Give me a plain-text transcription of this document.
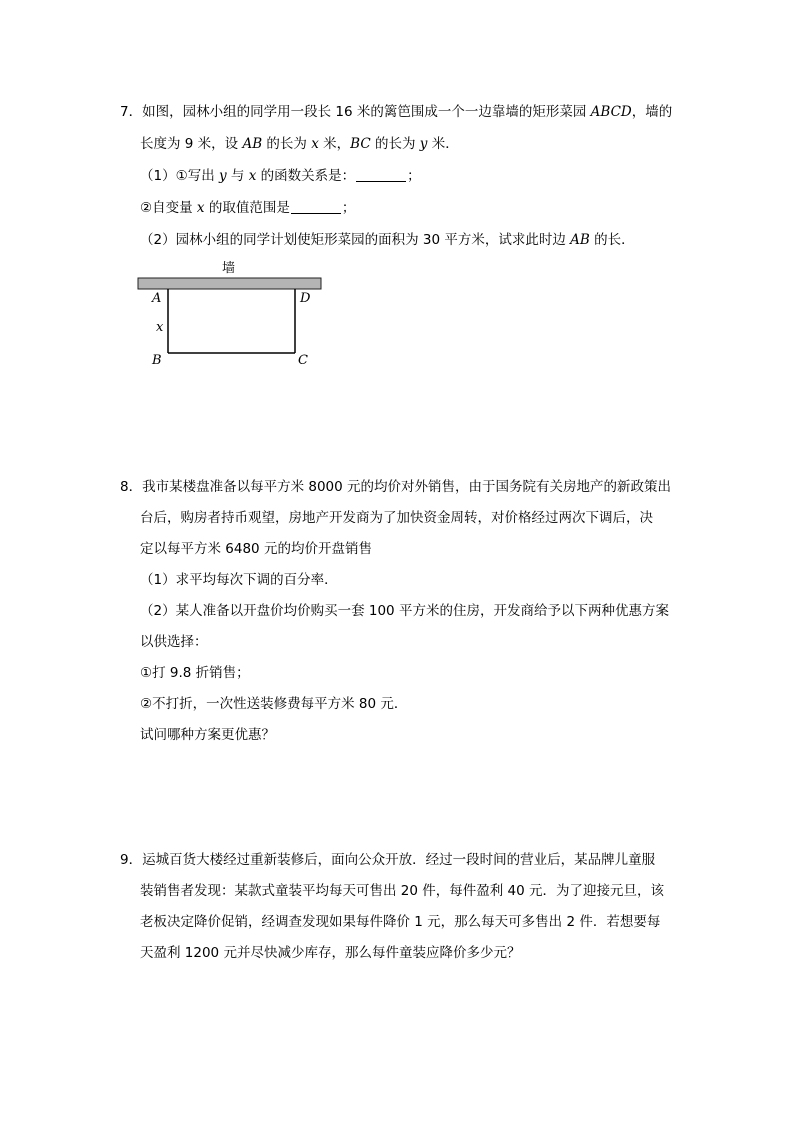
7．如图，园林小组的同学用一段长 16 米的篱笆围成一个一边靠墙的矩形菜园 ABCD，墙的
长度为 9 米，设 AB 的长为 x 米，BC 的长为 y 米．
（1）①写出 y 与 x 的函数关系是：	；
②自变量 x 的取值范围是	；
（2）园林小组的同学计划使矩形菜园的面积为 30 平方米，试求此时边 AB 的长．
墙
A	D
x
B	C
8．我市某楼盘准备以每平方米 8000 元的均价对外销售，由于国务院有关房地产的新政策出
台后，购房者持币观望，房地产开发商为了加快资金周转，对价格经过两次下调后，决
定以每平方米 6480 元的均价开盘销售
（1）求平均每次下调的百分率．
（2）某人准备以开盘价均价购买一套 100 平方米的住房，开发商给予以下两种优惠方案
以供选择：
①打 9.8 折销售；
②不打折，一次性送装修费每平方米 80 元．
试问哪种方案更优惠？
9．运城百货大楼经过重新装修后，面向公众开放．经过一段时间的营业后，某品牌儿童服
装销售者发现：某款式童装平均每天可售出 20 件，每件盈利 40 元．为了迎接元旦，该
老板决定降价促销，经调查发现如果每件降价 1 元，那么每天可多售出 2 件．若想要每
天盈利 1200 元并尽快减少库存，那么每件童装应降价多少元？
